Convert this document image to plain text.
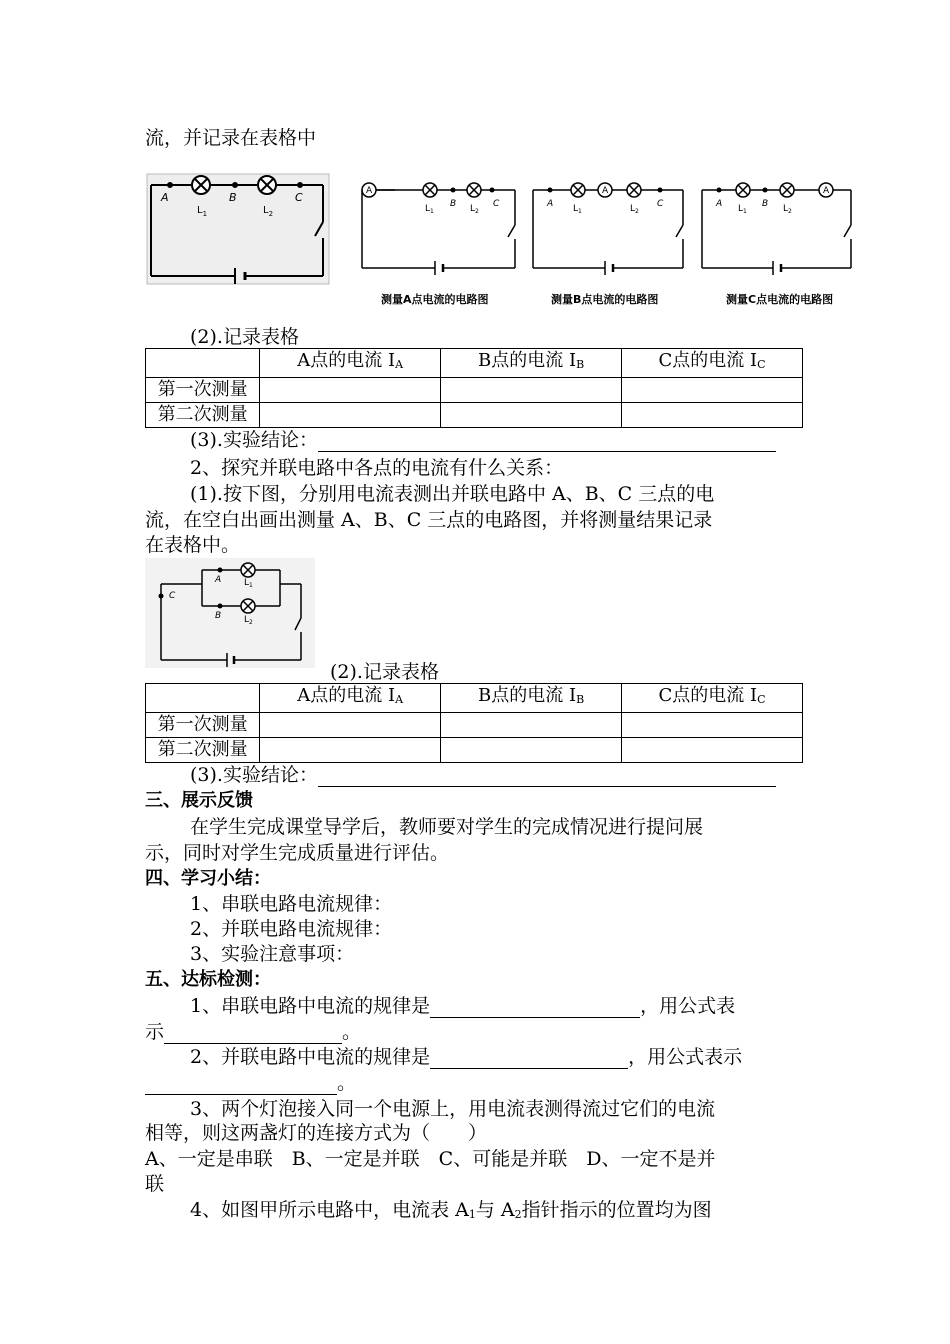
流，并记录在表格中
A	B	C
$L_1$	$L_2$
A
B	C
$L_1$	$L_2$
A
A	C
$L_1$	$L_2$
A
A	B
$L_1$	$L_2$
测量A点电流的电路图	测量B点电流的电路图	测量C点电流的电路图
(2).记录表格
	A点的电流 $I_A$	B点的电流 $I_B$	C点的电流 $I_C$
第一次测量			
第二次测量			
(3).实验结论：
2、探究并联电路中各点的电流有什么关系：
(1).按下图，分别用电流表测出并联电路中 A、B、C 三点的电
流，在空白出画出测量 A、B、C 三点的电路图，并将测量结果记录
在表格中。
C
A
B
$L_1$
$L_2$
(2).记录表格
	A点的电流 $I_A$	B点的电流 $I_B$	C点的电流 $I_C$
第一次测量			
第二次测量			
(3).实验结论：
三、展示反馈
在学生完成课堂导学后，教师要对学生的完成情况进行提问展
示，同时对学生完成质量进行评估。
四、学习小结：
1、串联电路电流规律：
2、并联电路电流规律：
3、实验注意事项：
五、达标检测：
1、串联电路中电流的规律是	，用公式表
示	。
2、并联电路中电流的规律是	，用公式表示
。
3、两个灯泡接入同一个电源上，用电流表测得流过它们的电流
相等，则这两盏灯的连接方式为（　　）
A、一定是串联　B、一定是并联　C、可能是并联　D、一定不是并
联
4、如图甲所示电路中，电流表 $A_1$与 $A_2$指针指示的位置均为图
